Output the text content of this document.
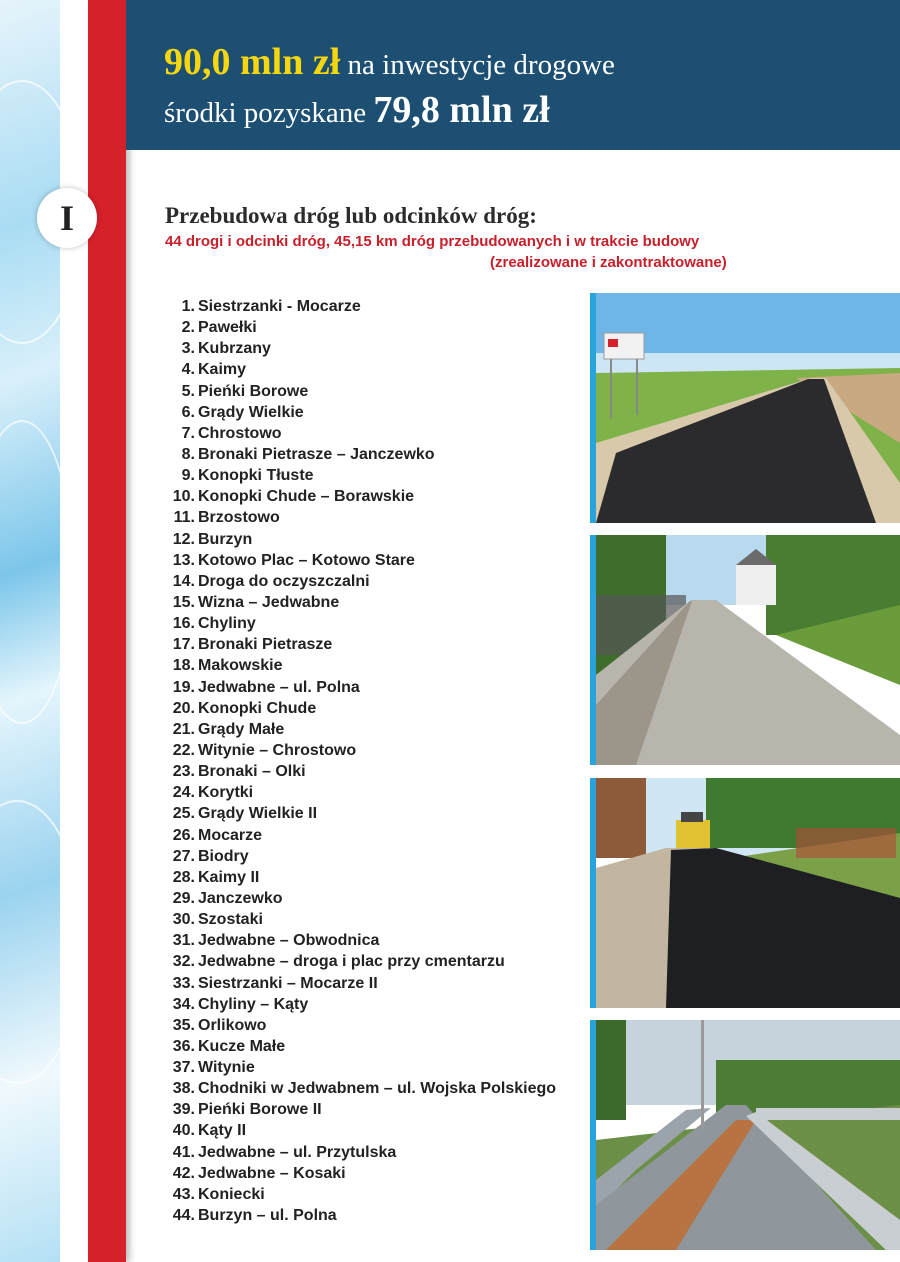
90,0 mln zł na inwestycje drogowe
środki pozyskane 79,8 mln zł
I	Przebudowa dróg lub odcinków dróg:
44 drogi i odcinki dróg, 45,15 km dróg przebudowanych i w trakcie budowy
(zrealizowane i zakontraktowane)
1. Siestrzanki - Mocarze
2. Pawełki
3. Kubrzany
4. Kaimy
5. Pieńki Borowe
6. Grądy Wielkie
7. Chrostowo
8. Bronaki Pietrasze – Janczewko
9. Konopki Tłuste
10. Konopki Chude – Borawskie
11. Brzostowo
12. Burzyn
13. Kotowo Plac – Kotowo Stare
14. Droga do oczyszczalni
15. Wizna – Jedwabne
16. Chyliny
17. Bronaki Pietrasze
18. Makowskie
19. Jedwabne – ul. Polna
20. Konopki Chude
21. Grądy Małe
22. Witynie – Chrostowo
23. Bronaki – Olki
24. Korytki
25. Grądy Wielkie II
26. Mocarze
27. Biodry
28. Kaimy II
29. Janczewko
30. Szostaki
31. Jedwabne – Obwodnica
32. Jedwabne – droga i plac przy cmentarzu
33. Siestrzanki – Mocarze II
34. Chyliny – Kąty
35. Orlikowo
36. Kucze Małe
37. Witynie
38. Chodniki w Jedwabnem – ul. Wojska Polskiego
39. Pieńki Borowe II
40. Kąty II
41. Jedwabne – ul. Przytulska
42. Jedwabne – Kosaki
43. Koniecki
44. Burzyn – ul. Polna
